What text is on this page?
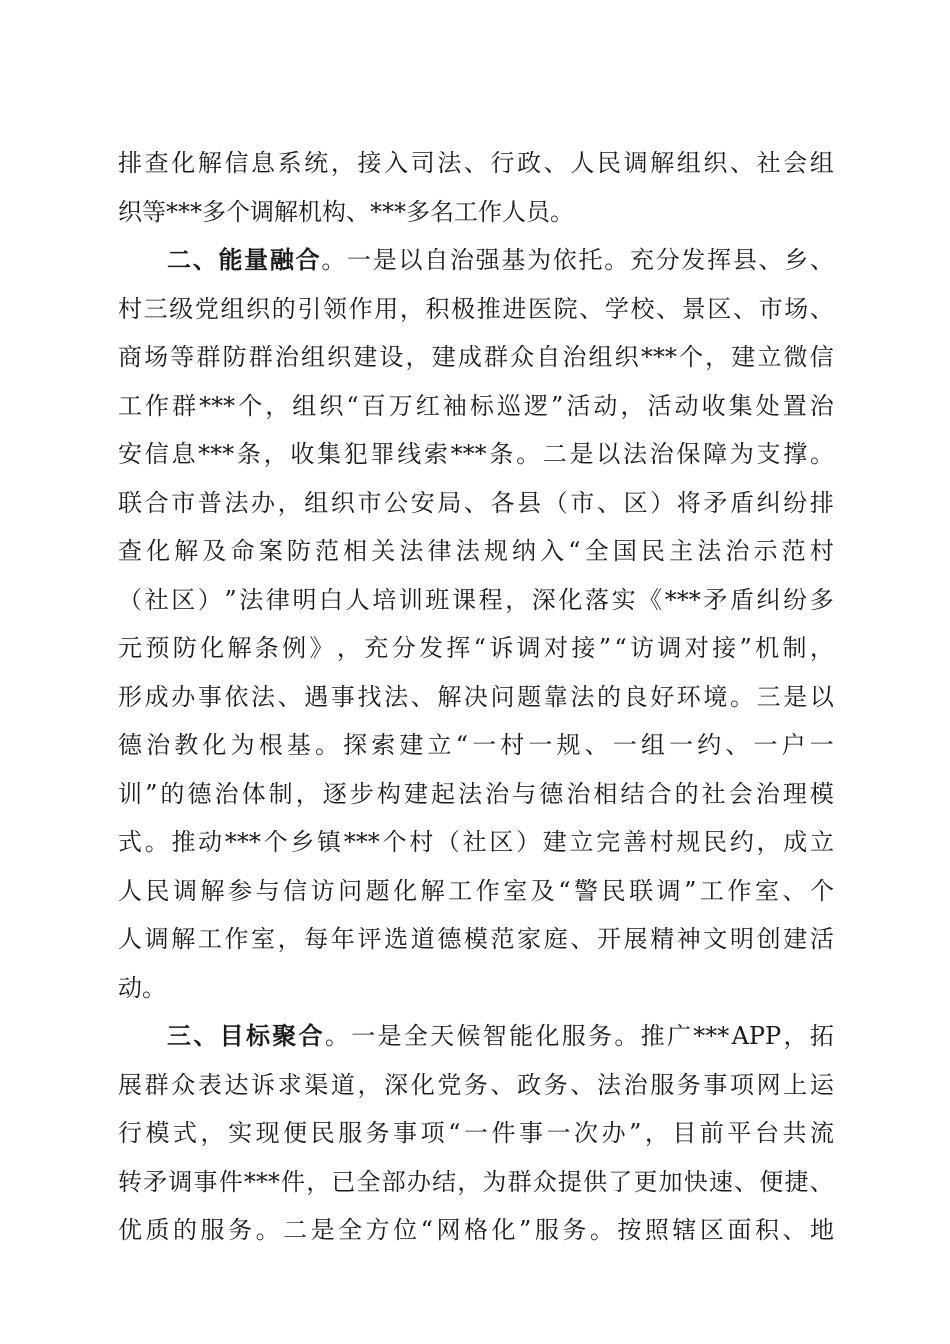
排 查 化 解 信 息 系 统 ， 接 入 司 法 、 行 政 、 人 民 调 解 组 织 、 社 会 组
织 等 *** 多 个 调 解 机 构 、 *** 多 名 工 作 人 员 。
二 、 能 量 融 合 。 一 是 以 自 治 强 基 为 依 托 。 充 分 发 挥 县 、 乡 、
村 三 级 党 组 织 的 引 领 作 用 ， 积 极 推 进 医 院 、 学 校 、 景 区 、 市 场 、
商 场 等 群 防 群 治 组 织 建 设 ， 建 成 群 众 自 治 组 织 *** 个 ， 建 立 微 信
工 作 群 *** 个 ， 组 织 “ 百 万 红 袖 标 巡 逻 ” 活 动 ， 活 动 收 集 处 置 治
安 信 息 *** 条 ， 收 集 犯 罪 线 索 *** 条 。 二 是 以 法 治 保 障 为 支 撑 。
联 合 市 普 法 办 ， 组 织 市 公 安 局 、 各 县 （ 市 、 区 ） 将 矛 盾 纠 纷 排
查 化 解 及 命 案 防 范 相 关 法 律 法 规 纳 入 “ 全 国 民 主 法 治 示 范 村
（ 社 区 ） ” 法 律 明 白 人 培 训 班 课 程 ， 深 化 落 实 《 *** 矛 盾 纠 纷 多
元 预 防 化 解 条 例 》 ， 充 分 发 挥 “ 诉 调 对 接 ” “ 访 调 对 接 ” 机 制 ，
形 成 办 事 依 法 、 遇 事 找 法 、 解 决 问 题 靠 法 的 良 好 环 境 。 三 是 以
德 治 教 化 为 根 基 。 探 索 建 立 “ 一 村 一 规 、 一 组 一 约 、 一 户 一
训 ” 的 德 治 体 制 ， 逐 步 构 建 起 法 治 与 德 治 相 结 合 的 社 会 治 理 模
式 。 推 动 *** 个 乡 镇 *** 个 村 （ 社 区 ） 建 立 完 善 村 规 民 约 ， 成 立
人 民 调 解 参 与 信 访 问 题 化 解 工 作 室 及 “ 警 民 联 调 ” 工 作 室 、 个
人 调 解 工 作 室 ， 每 年 评 选 道 德 模 范 家 庭 、 开 展 精 神 文 明 创 建 活
动 。
三 、 目 标 聚 合 。 一 是 全 天 候 智 能 化 服 务 。 推 广 *** APP ， 拓
展 群 众 表 达 诉 求 渠 道 ， 深 化 党 务 、 政 务 、 法 治 服 务 事 项 网 上 运
行 模 式 ， 实 现 便 民 服 务 事 项 “ 一 件 事 一 次 办 ” ， 目 前 平 台 共 流
转 矛 调 事 件 *** 件 ， 已 全 部 办 结 ， 为 群 众 提 供 了 更 加 快 速 、 便 捷 、
优 质 的 服 务 。 二 是 全 方 位 “ 网 格 化 ” 服 务 。 按 照 辖 区 面 积 、 地
